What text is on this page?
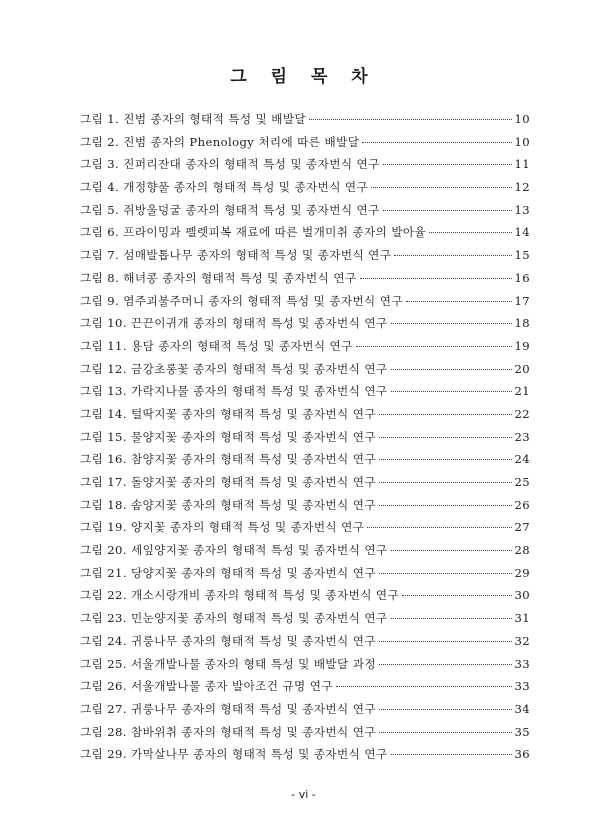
그 림 목 차
그림 1. 진범 종자의 형태적 특성 및 배발달	10
그림 2. 진범 종자의 Phenology 처리에 따른 배발달	10
그림 3. 진퍼리잔대 종자의 형태적 특성 및 종자번식 연구	11
그림 4. 개정향풀 종자의 형태적 특성 및 종자번식 연구	12
그림 5. 쥐방울덩굴 종자의 형태적 특성 및 종자번식 연구	13
그림 6. 프라이밍과 펠렛피복 재료에 따른 벌개미취 종자의 발아율	14
그림 7. 섬매발톱나무 종자의 형태적 특성 및 종자번식 연구	15
그림 8. 해녀콩 종자의 형태적 특성 및 종자번식 연구	16
그림 9. 염주괴불주머니 종자의 형태적 특성 및 종자번식 연구	17
그림 10. 끈끈이귀개 종자의 형태적 특성 및 종자번식 연구	18
그림 11. 용담 종자의 형태적 특성 및 종자번식 연구	19
그림 12. 금강초롱꽃 종자의 형태적 특성 및 종자번식 연구	20
그림 13. 가락지나물 종자의 형태적 특성 및 종자번식 연구	21
그림 14. 털딱지꽃 종자의 형태적 특성 및 종자번식 연구	22
그림 15. 물양지꽃 종자의 형태적 특성 및 종자번식 연구	23
그림 16. 참양지꽃 종자의 형태적 특성 및 종자번식 연구	24
그림 17. 돌양지꽃 종자의 형태적 특성 및 종자번식 연구	25
그림 18. 솜양지꽃 종자의 형태적 특성 및 종자번식 연구	26
그림 19. 양지꽃 종자의 형태적 특성 및 종자번식 연구	27
그림 20. 세잎양지꽃 종자의 형태적 특성 및 종자번식 연구	28
그림 21. 당양지꽃 종자의 형태적 특성 및 종자번식 연구	29
그림 22. 개소시랑개비 종자의 형태적 특성 및 종자번식 연구	30
그림 23. 민눈양지꽃 종자의 형태적 특성 및 종자번식 연구	31
그림 24. 귀룽나무 종자의 형태적 특성 및 종자번식 연구	32
그림 25. 서울개발나물 종자의 형태 특성 및 배발달 과정	33
그림 26. 서울개발나물 종자 발아조건 규명 연구	33
그림 27. 귀룽나무 종자의 형태적 특성 및 종자번식 연구	34
그림 28. 참바위취 종자의 형태적 특성 및 종자번식 연구	35
그림 29. 가막살나무 종자의 형태적 특성 및 종자번식 연구	36
- vi -
